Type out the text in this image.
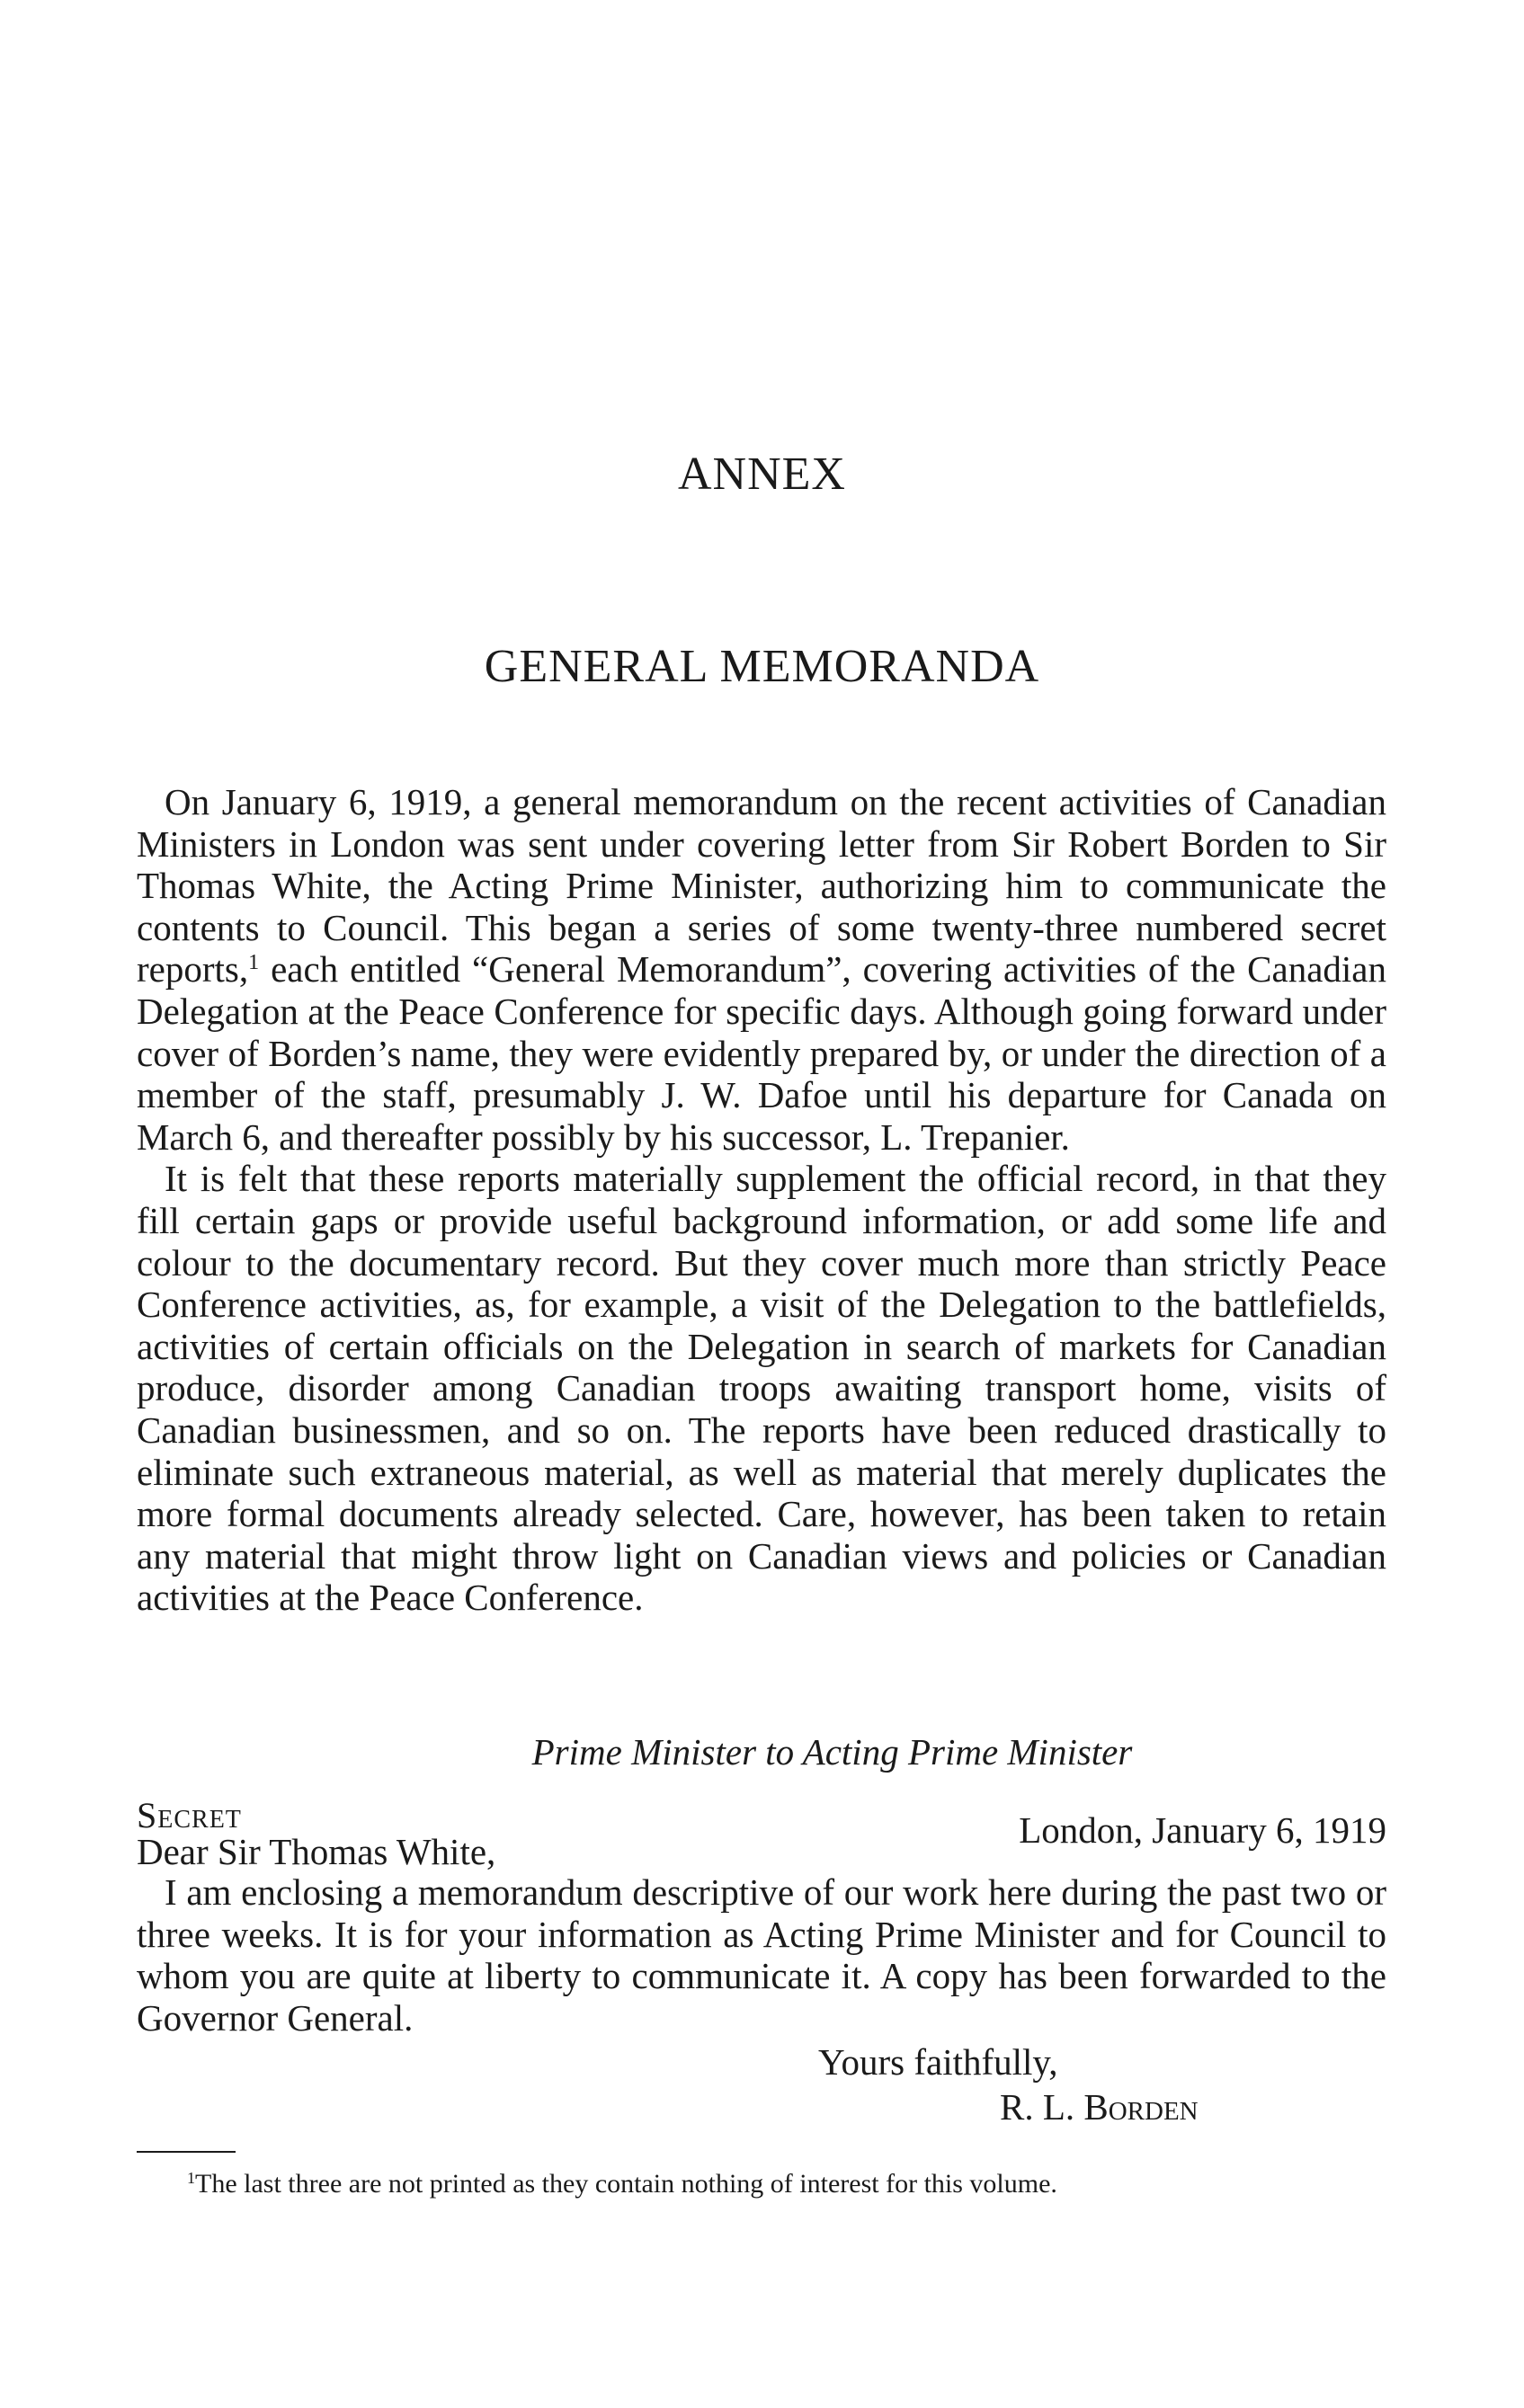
ANNEX
GENERAL MEMORANDA

On January 6, 1919, a general memorandum on the recent activities of Canadian Ministers in London was sent under covering letter from Sir Robert Borden to Sir Thomas White, the Acting Prime Minister, authorizing him to communicate the contents to Council. This began a series of some twenty-three numbered secret reports,$^1$ each entitled “General Memorandum”, covering activities of the Canadian Delegation at the Peace Conference for specific days. Although going forward under cover of Borden’s name, they were evidently prepared by, or under the direction of a member of the staff, presumably J. W. Dafoe until his departure for Canada on March 6, and thereafter possibly by his successor, L. Trepanier.

It is felt that these reports materially supplement the official record, in that they fill certain gaps or provide useful background information, or add some life and colour to the documentary record. But they cover much more than strictly Peace Conference activities, as, for example, a visit of the Delegation to the battlefields, activities of certain officials on the Delegation in search of markets for Canadian produce, disorder among Canadian troops awaiting transport home, visits of Canadian businessmen, and so on. The reports have been reduced drastically to eliminate such extraneous material, as well as material that merely duplicates the more formal documents already selected. Care, however, has been taken to retain any material that might throw light on Canadian views and policies or Canadian activities at the Peace Conference.

Prime Minister to Acting Prime Minister
Secret	London, January 6, 1919
Dear Sir Thomas White,

I am enclosing a memorandum descriptive of our work here during the past two or three weeks. It is for your information as Acting Prime Minister and for Council to whom you are quite at liberty to communicate it. A copy has been forwarded to the Governor General.

Yours faithfully,
R. L. Borden
$^1$The last three are not printed as they contain nothing of interest for this volume.
